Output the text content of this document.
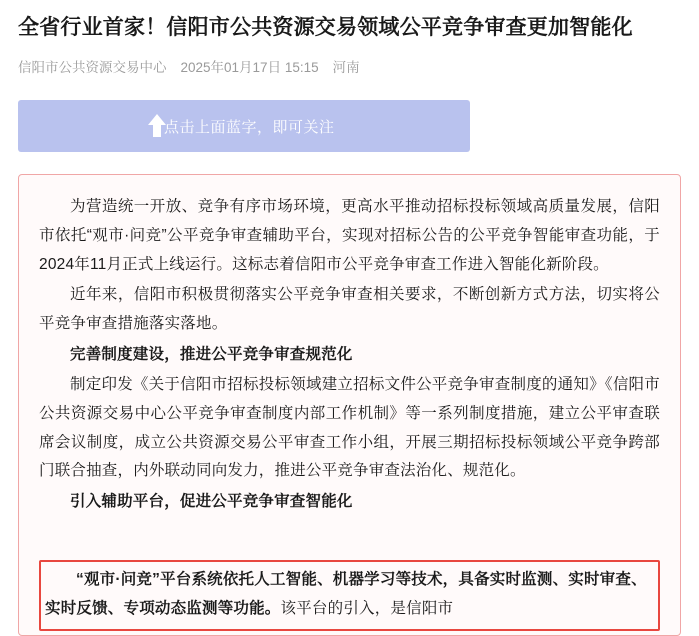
全省行业首家！信阳市公共资源交易领域公平竞争审查更加智能化
信阳市公共资源交易中心 2025年01月17日 15:15 河南
点击上面蓝字，即可关注

为营造统一开放、竞争有序市场环境，更高水平推动招标投标领域高质量发展，信阳市依托“观市·问竞”公平竞争审查辅助平台，实现对招标公告的公平竞争智能审查功能，于2024年11月正式上线运行。这标志着信阳市公平竞争审查工作进入智能化新阶段。

近年来，信阳市积极贯彻落实公平竞争审查相关要求，不断创新方式方法，切实将公平竞争审查措施落实落地。

完善制度建设，推进公平竞争审查规范化

制定印发《关于信阳市招标投标领域建立招标文件公平竞争审查制度的通知》《信阳市公共资源交易中心公平竞争审查制度内部工作机制》等一系列制度措施，建立公平审查联席会议制度，成立公共资源交易公平审查工作小组，开展三期招标投标领域公平竞争跨部门联合抽查，内外联动同向发力，推进公平竞争审查法治化、规范化。

引入辅助平台，促进公平竞争审查智能化

“观市·问竞”平台系统依托人工智能、机器学习等技术，具备实时监测、实时审查、实时反馈、专项动态监测等功能。该平台的引入，是信阳市
